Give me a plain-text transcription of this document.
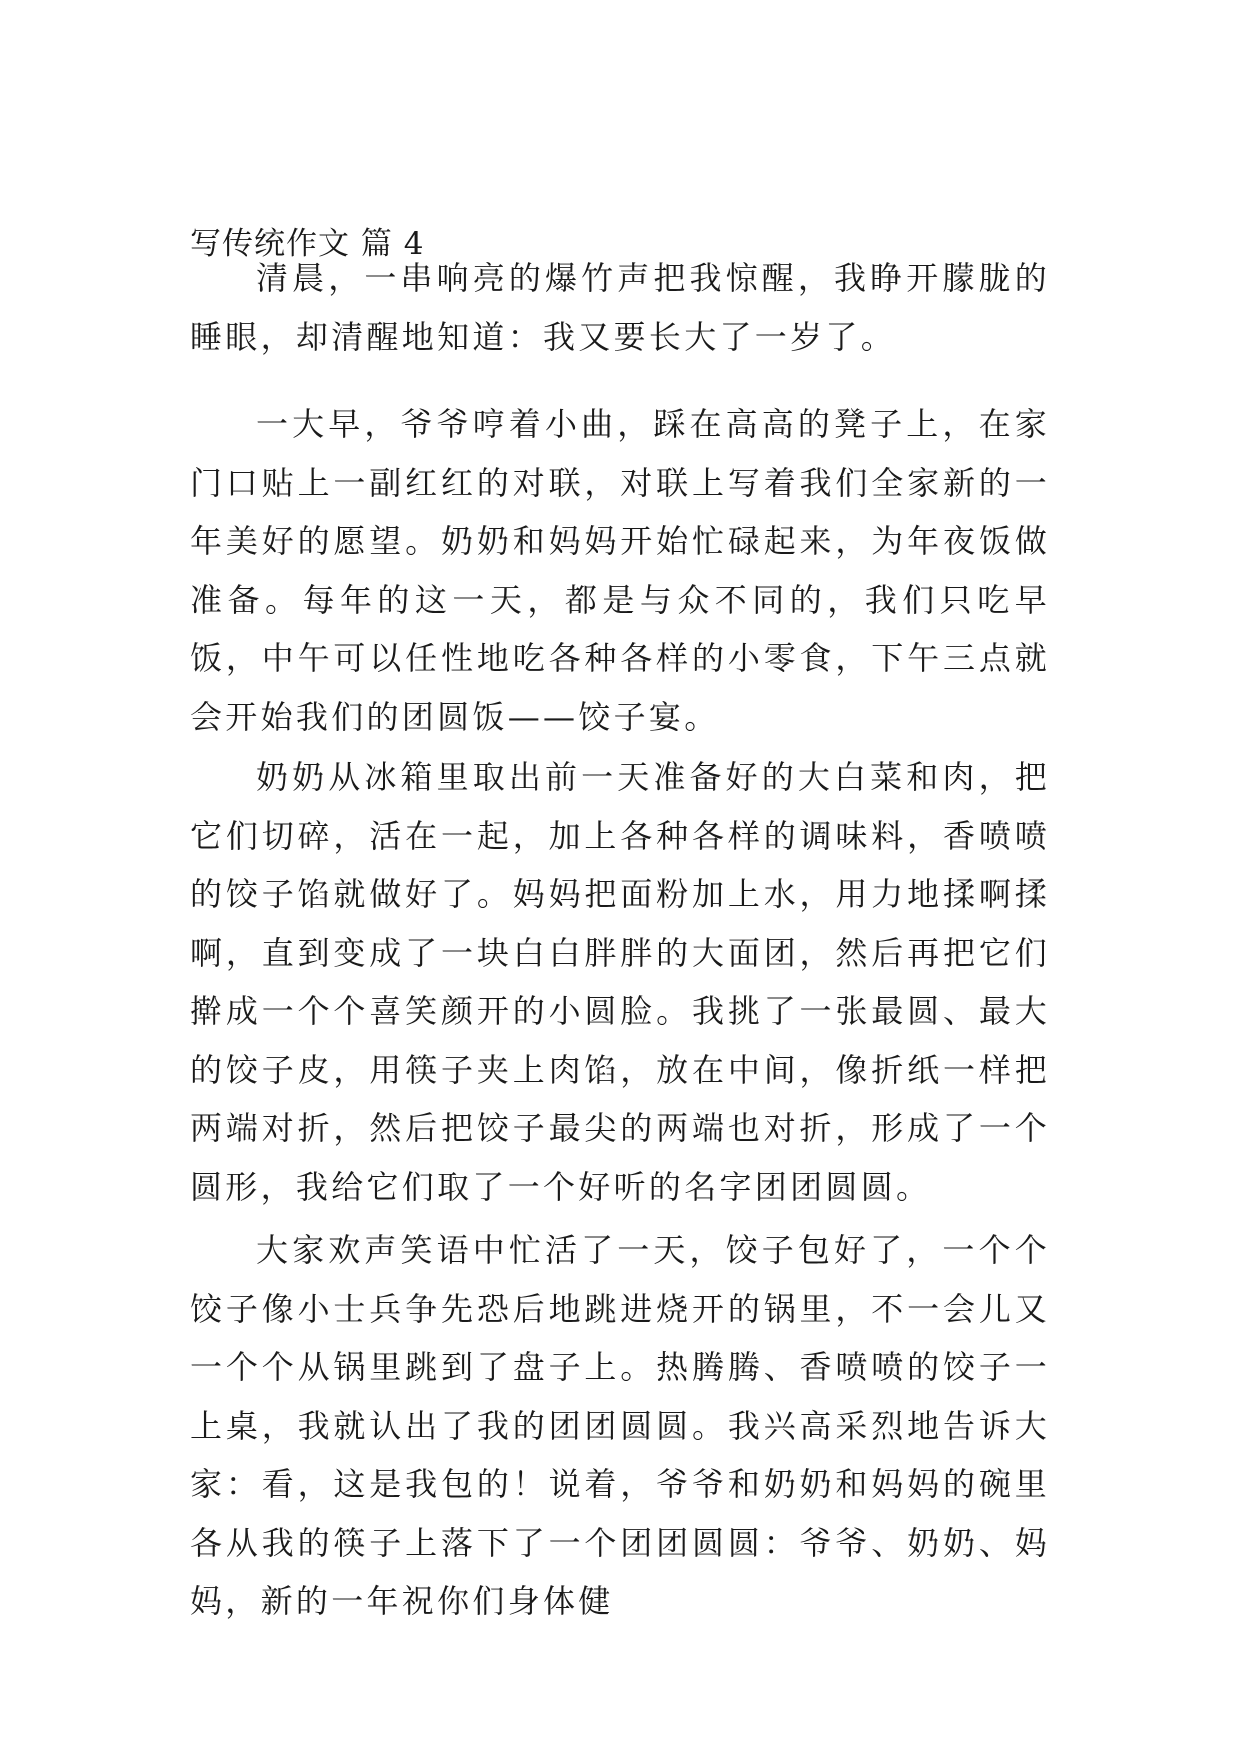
写传统作文 篇 4

清晨，一串响亮的爆竹声把我惊醒，我睁开朦胧的睡眼，却清醒地知道：我又要长大了一岁了。

一大早，爷爷哼着小曲，踩在高高的凳子上，在家门口贴上一副红红的对联，对联上写着我们全家新的一年美好的愿望。奶奶和妈妈开始忙碌起来，为年夜饭做准备。每年的这一天，都是与众不同的，我们只吃早饭，中午可以任性地吃各种各样的小零食，下午三点就会开始我们的团圆饭——饺子宴。

奶奶从冰箱里取出前一天准备好的大白菜和肉，把它们切碎，活在一起，加上各种各样的调味料，香喷喷的饺子馅就做好了。妈妈把面粉加上水，用力地揉啊揉啊，直到变成了一块白白胖胖的大面团，然后再把它们擀成一个个喜笑颜开的小圆脸。我挑了一张最圆、最大的饺子皮，用筷子夹上肉馅，放在中间，像折纸一样把两端对折，然后把饺子最尖的两端也对折，形成了一个圆形，我给它们取了一个好听的名字团团圆圆。

大家欢声笑语中忙活了一天，饺子包好了，一个个饺子像小士兵争先恐后地跳进烧开的锅里，不一会儿又一个个从锅里跳到了盘子上。热腾腾、香喷喷的饺子一上桌，我就认出了我的团团圆圆。我兴高采烈地告诉大家：看，这是我包的！说着，爷爷和奶奶和妈妈的碗里各从我的筷子上落下了一个团团圆圆：爷爷、奶奶、妈妈，新的一年祝你们身体健
